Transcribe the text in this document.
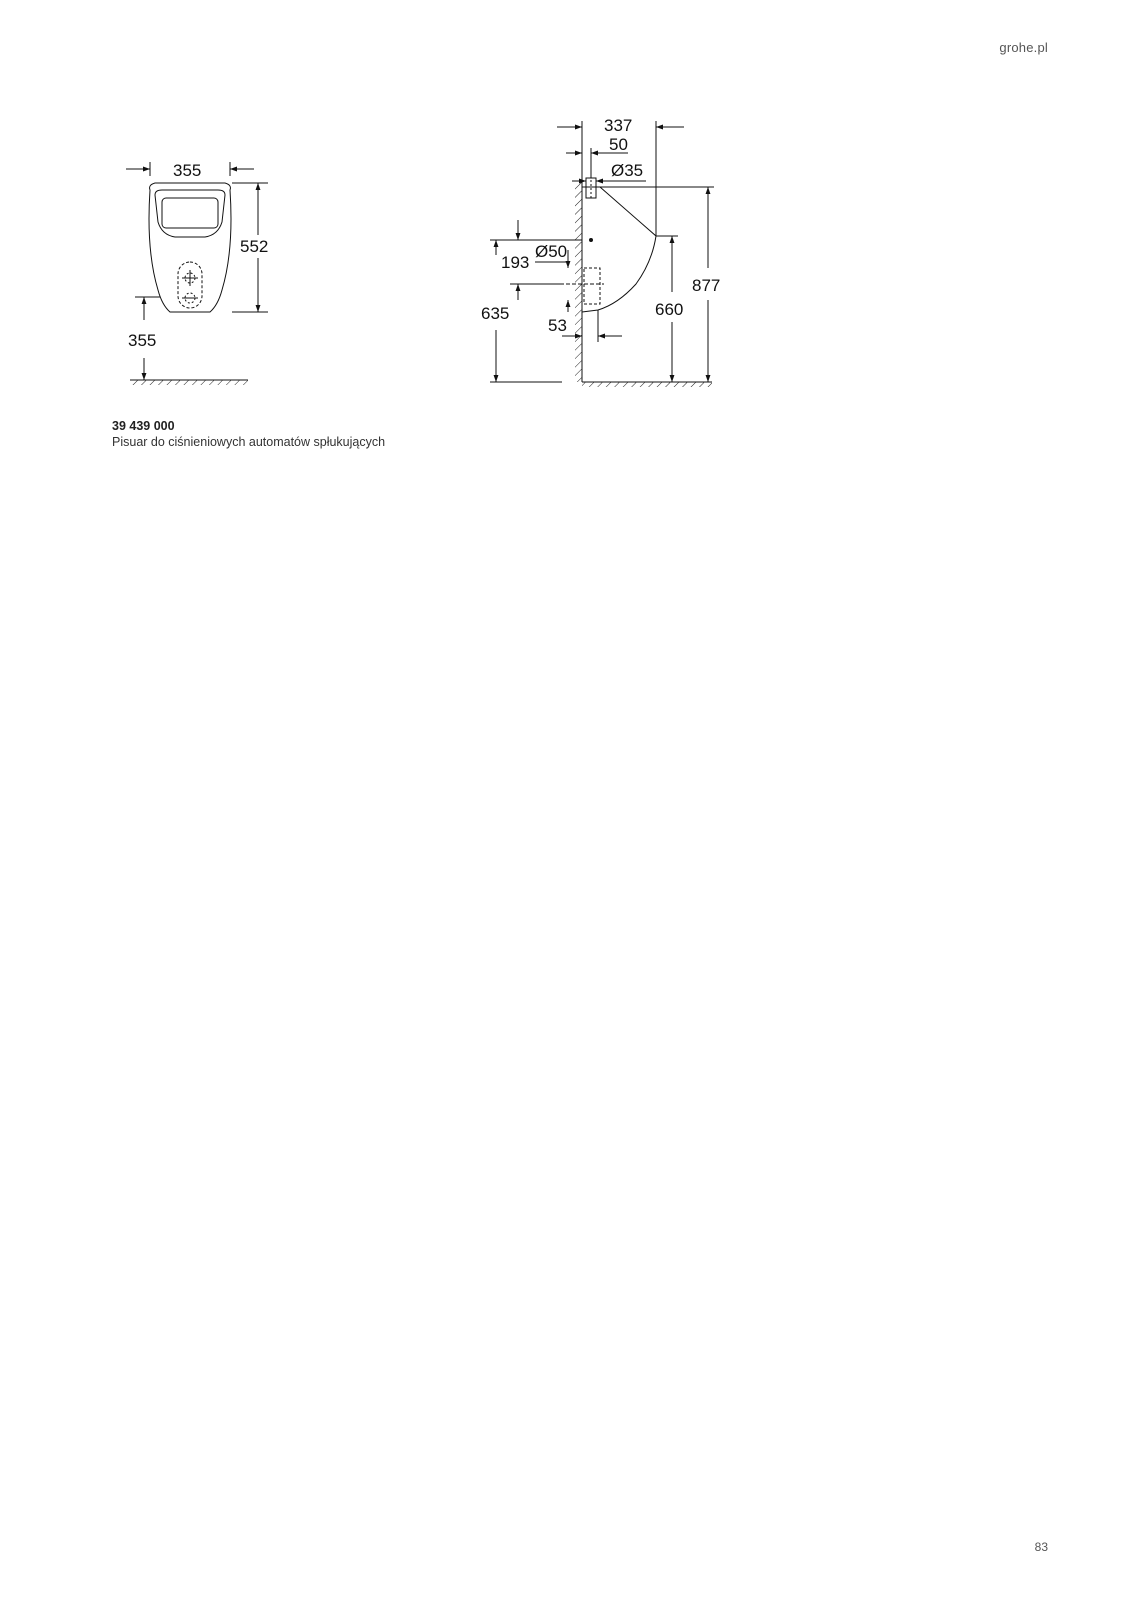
grohe.pl
355
552
355
337
50
Ø35
193
Ø50
635
53
660
877
39 439 000
Pisuar do ciśnieniowych automatów spłukujących
83
